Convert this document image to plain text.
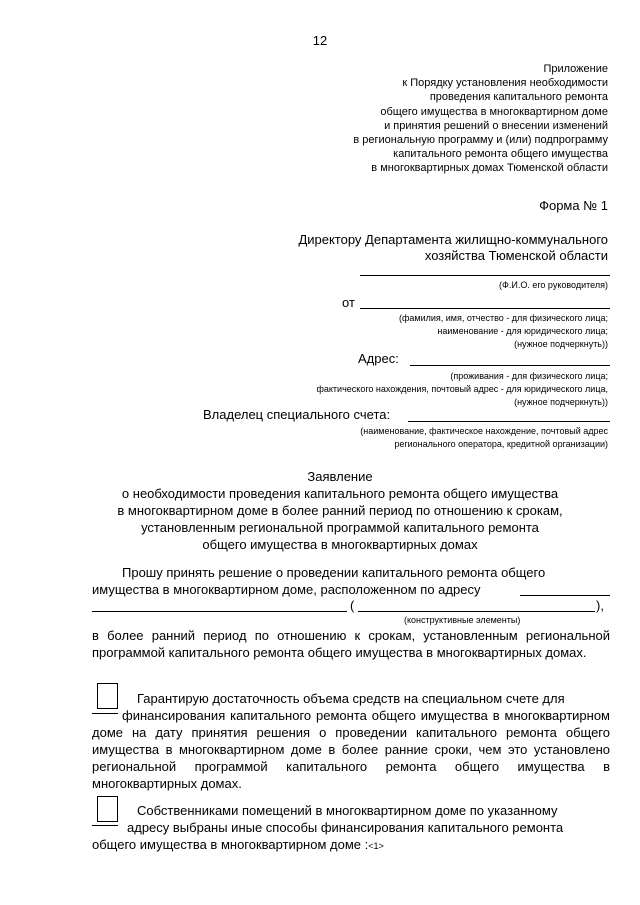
12
Приложение
к Порядку установления необходимости
проведения капитального ремонта
общего имущества в многоквартирном доме
и принятия решений о внесении изменений
в региональную программу и (или) подпрограмму
капитального ремонта общего имущества
в многоквартирных домах Тюменской области
Форма № 1
Директору Департамента жилищно-коммунального
хозяйства Тюменской области
(Ф.И.О. его руководителя)
от
(фамилия, имя, отчество - для физического лица;
наименование - для юридического лица;
(нужное подчеркнуть))
Адрес:
(проживания - для физического лица;
фактического нахождения, почтовый адрес - для юридического лица,
(нужное подчеркнуть))
Владелец специального счета:
(наименование, фактическое нахождение, почтовый адрес
регионального оператора, кредитной организации)
Заявление
о необходимости проведения капитального ремонта общего имущества
в многоквартирном доме в более ранний период по отношению к срокам,
установленным региональной программой капитального ремонта
общего имущества в многоквартирных домах
Прошу принять решение о проведении капитального ремонта общего
имущества в многоквартирном доме, расположенном по адресу
(	),
(конструктивные элементы)
в более ранний период по отношению к срокам, установленным региональной программой капитального ремонта общего имущества в многоквартирных домах.
Гарантирую достаточность объема средств на специальном счете для
финансирования капитального ремонта общего имущества в многоквартирном доме на дату принятия решения о проведении капитального ремонта общего имущества в многоквартирном доме в более ранние сроки, чем это установлено региональной программой капитального ремонта общего имущества в многоквартирных домах.
Собственниками помещений в многоквартирном доме по указанному
адресу выбраны иные способы финансирования капитального ремонта
общего имущества в многоквартирном доме :<1>
